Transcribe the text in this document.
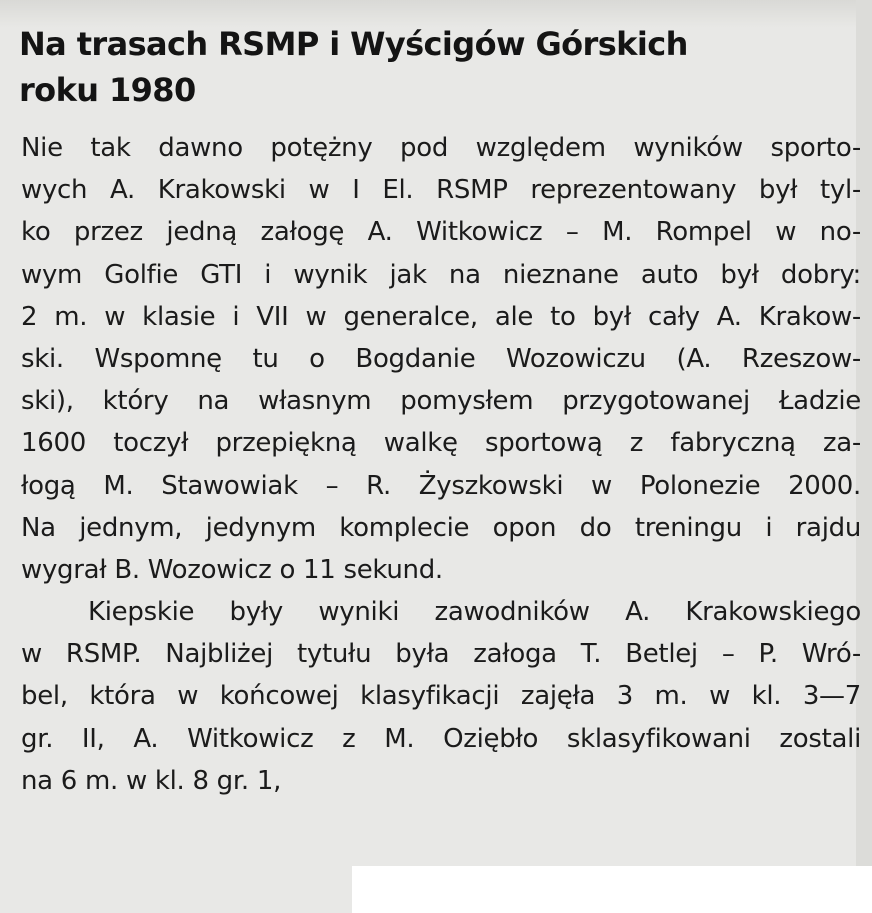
Na trasach RSMP i Wyścigów Górskich
roku 1980
Nie tak dawno potężny pod względem wyników sporto-
wych A. Krakowski w I El. RSMP reprezentowany był tyl-
ko przez jedną załogę A. Witkowicz – M. Rompel w no-
wym Golfie GTI i wynik jak na nieznane auto był dobry:
2 m. w klasie i VII w generalce, ale to był cały A. Krakow-
ski. Wspomnę tu o Bogdanie Wozowiczu (A. Rzeszow-
ski), który na własnym pomysłem przygotowanej Ładzie
1600 toczył przepiękną walkę sportową z fabryczną za-
łogą M. Stawowiak – R. Żyszkowski w Polonezie 2000.
Na jednym, jedynym komplecie opon do treningu i rajdu
wygrał B. Wozowicz o 11 sekund.
Kiepskie były wyniki zawodników A. Krakowskiego
w RSMP. Najbliżej tytułu była załoga T. Betlej – P. Wró-
bel, która w końcowej klasyfikacji zajęła 3 m. w kl. 3—7
gr. II, A. Witkowicz z M. Oziębło sklasyfikowani zostali
na 6 m. w kl. 8 gr. 1,
